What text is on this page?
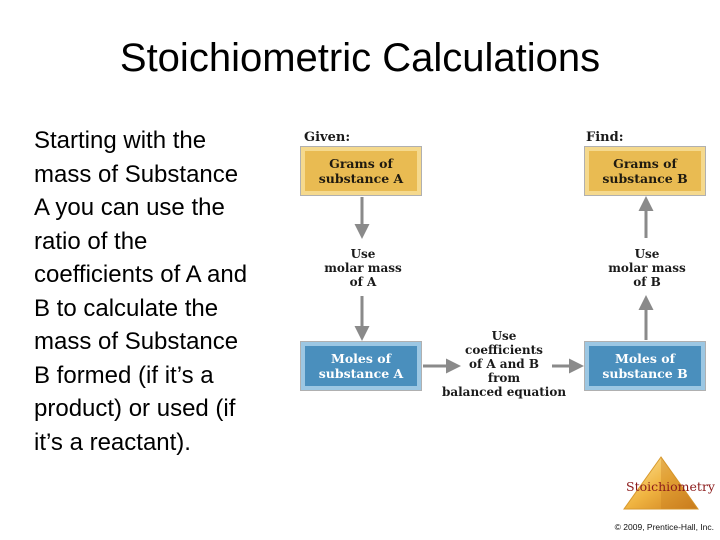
Stoichiometric Calculations
Starting with the
mass of Substance
A you can use the
ratio of the
coefficients of A and
B to calculate the
mass of Substance
B formed (if it’s a
product) or used (if
it’s a reactant).
Given:	Find:
Grams of
substance A
Grams of
substance B
Moles of
substance A
Moles of
substance B
Use
molar mass
of A
Use
molar mass
of B
Use
coefficients
of A and B
from
balanced equation
Stoichiometry
© 2009, Prentice-Hall, Inc.
